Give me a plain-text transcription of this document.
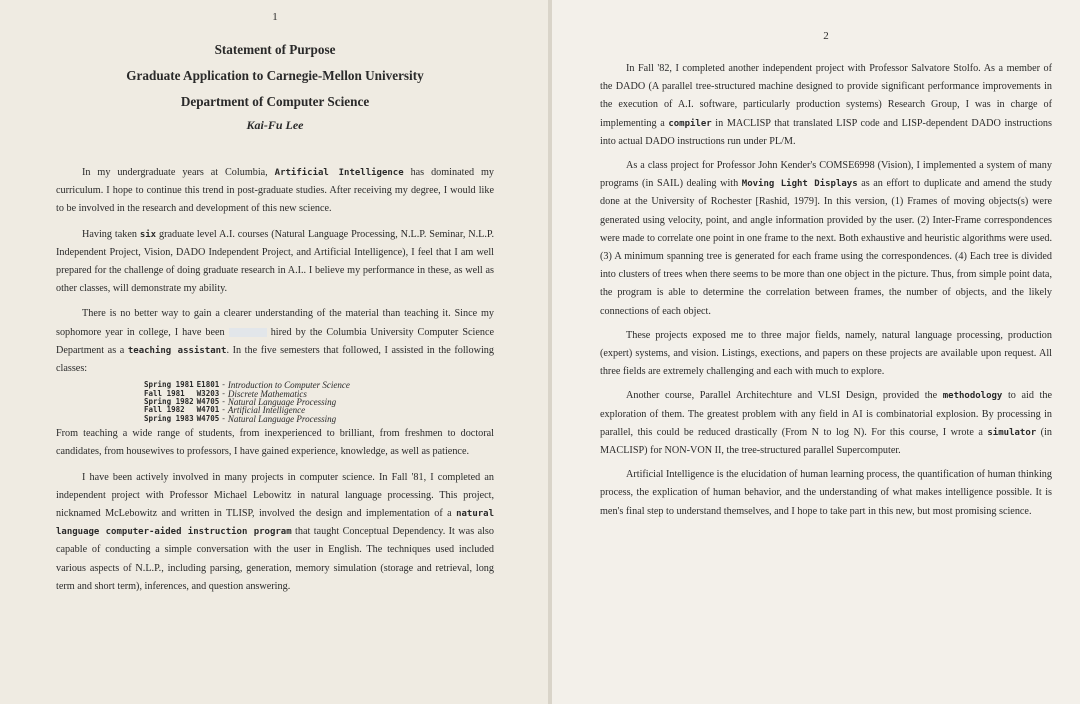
1
Statement of Purpose
Graduate Application to Carnegie-Mellon University
Department of Computer Science
Kai-Fu Lee

In my undergraduate years at Columbia, Artificial Intelligence has dominated my curriculum. I hope to continue this trend in post-graduate studies. After receiving my degree, I would like to be involved in the research and development of this new science.

Having taken six graduate level A.I. courses (Natural Language Processing, N.L.P. Seminar, N.L.P. Independent Project, Vision, DADO Independent Project, and Artificial Intelligence), I feel that I am well prepared for the challenge of doing graduate research in A.I.. I believe my performance in these, as well as other classes, will demonstrate my ability.

There is no better way to gain a clearer understanding of the material than teaching it. Since my sophomore year in college, I have been	hired by the Columbia University Computer Science Department as a teaching assistant. In the five semesters that followed, I assisted in the following classes:

Spring 1981	E1801	-	Introduction to Computer Science
Fall 1981	W3203	-	Discrete Mathematics
Spring 1982	W4705	-	Natural Language Processing
Fall 1982	W4701	-	Artificial Intelligence
Spring 1983	W4705	-	Natural Language Processing

From teaching a wide range of students, from inexperienced to brilliant, from freshmen to doctoral candidates, from housewives to professors, I have gained experience, knowledge, as well as patience.

I have been actively involved in many projects in computer science. In Fall '81, I completed an independent project with Professor Michael Lebowitz in natural language processing. This project, nicknamed McLebowitz and written in TLISP, involved the design and implementation of a natural language computer-aided instruction program that taught Conceptual Dependency. It was also capable of conducting a simple conversation with the user in English. The techniques used included various aspects of N.L.P., including parsing, generation, memory simulation (storage and retrieval, long term and short term), inferences, and question answering.

2

In Fall '82, I completed another independent project with Professor Salvatore Stolfo. As a member of the DADO (A parallel tree-structured machine designed to provide significant performance improvements in the execution of A.I. software, particularly production systems) Research Group, I was in charge of implementing a compiler in MACLISP that translated LISP code and LISP-dependent DADO instructions into actual DADO instructions run under PL/M.

As a class project for Professor John Kender's COMSE6998 (Vision), I implemented a system of many programs (in SAIL) dealing with Moving Light Displays as an effort to duplicate and amend the study done at the University of Rochester [Rashid, 1979]. In this version, (1) Frames of moving objects(s) were generated using velocity, point, and angle information provided by the user. (2) Inter-Frame correspondences were made to correlate one point in one frame to the next. Both exhaustive and heuristic algorithms were used. (3) A minimum spanning tree is generated for each frame using the correspondences. (4) Each tree is divided into clusters of trees when there seems to be more than one object in the picture. Thus, from simple point data, the program is able to determine the correlation between frames, the number of objects, and the likely connections of each object.

These projects exposed me to three major fields, namely, natural language processing, production (expert) systems, and vision. Listings, exections, and papers on these projects are available upon request. All three fields are extremely challenging and each with much to explore.

Another course, Parallel Architechture and VLSI Design, provided the methodology to aid the exploration of them. The greatest problem with any field in AI is combinatorial explosion. By processing in parallel, this could be reduced drastically (From N to log N). For this course, I wrote a simulator (in MACLISP) for NON-VON II, the tree-structured parallel Supercomputer.

Artificial Intelligence is the elucidation of human learning process, the quantification of human thinking process, the explication of human behavior, and the understanding of what makes intelligence possible. It is men's final step to understand themselves, and I hope to take part in this new, but most promising science.
